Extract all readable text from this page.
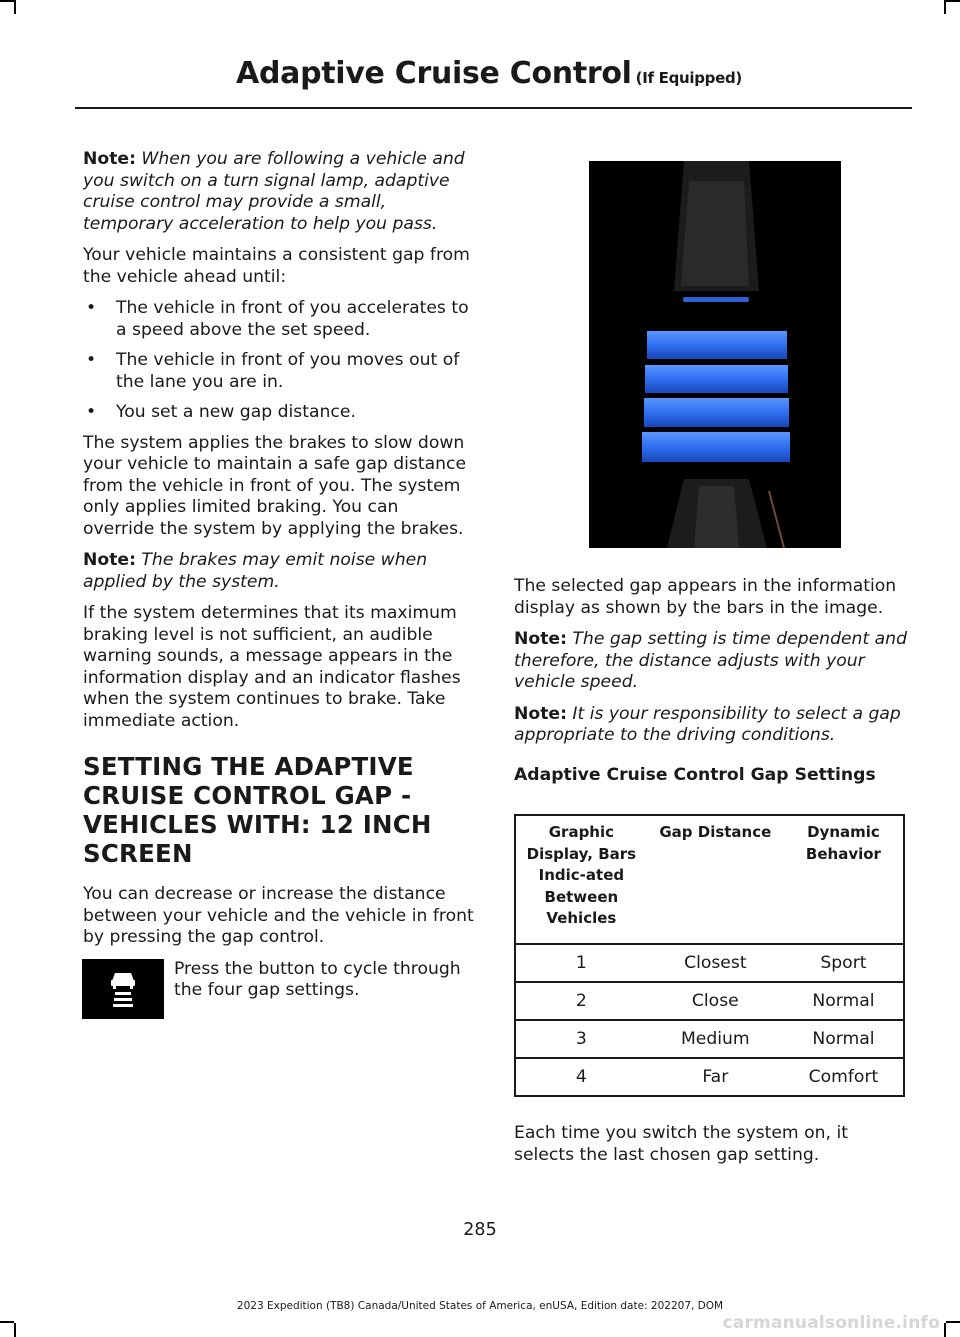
Adaptive Cruise Control (If Equipped)

Note: When you are following a vehicle and you switch on a turn signal lamp, adaptive cruise control may provide a small, temporary acceleration to help you pass.

Your vehicle maintains a consistent gap from the vehicle ahead until:

• The vehicle in front of you accelerates to a speed above the set speed.
• The vehicle in front of you moves out of the lane you are in.
• You set a new gap distance.

The system applies the brakes to slow down your vehicle to maintain a safe gap distance from the vehicle in front of you. The system only applies limited braking. You can override the system by applying the brakes.

Note: The brakes may emit noise when applied by the system.

If the system determines that its maximum braking level is not sufficient, an audible warning sounds, a message appears in the information display and an indicator flashes when the system continues to brake. Take immediate action.

SETTING THE ADAPTIVE CRUISE CONTROL GAP - VEHICLES WITH: 12 INCH SCREEN

You can decrease or increase the distance between your vehicle and the vehicle in front by pressing the gap control.

Press the button to cycle through the four gap settings.

The selected gap appears in the information display as shown by the bars in the image.

Note: The gap setting is time dependent and therefore, the distance adjusts with your vehicle speed.

Note: It is your responsibility to select a gap appropriate to the driving conditions.

Adaptive Cruise Control Gap Settings

Graphic Display, Bars Indic-ated Between Vehicles	Gap Distance	Dynamic Behavior
1	Closest	Sport
2	Close	Normal
3	Medium	Normal
4	Far	Comfort

Each time you switch the system on, it selects the last chosen gap setting.

285
2023 Expedition (TB8) Canada/United States of America, enUSA, Edition date: 202207, DOM
carmanualsonline.info
